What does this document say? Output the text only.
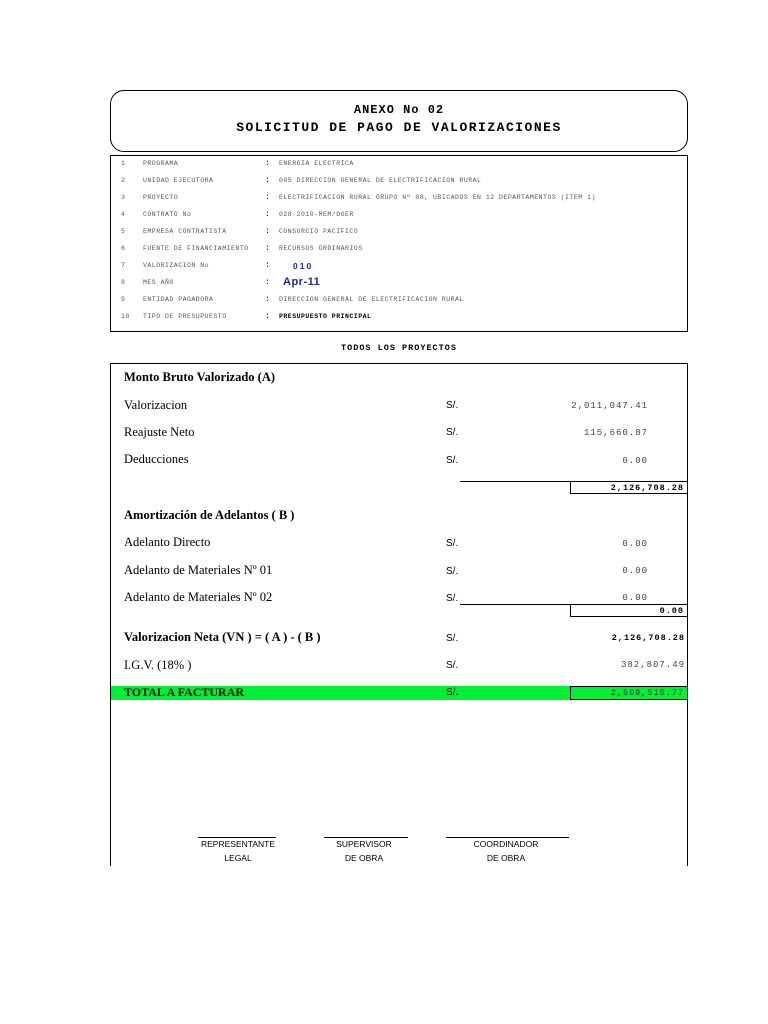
ANEXO No 02
SOLICITUD DE PAGO DE VALORIZACIONES
1	PROGRAMA	: ENERGIA ELECTRICA
2	UNIDAD EJECUTORA	: 005 DIRECCION GENERAL DE ELECTRIFICACION RURAL
3	PROYECTO	: ELECTRIFICACION RURAL GRUPO Nº 08, UBICADOS EN 12 DEPARTAMENTOS (ITEM 1)
4	CONTRATO No	: 028-2010-MEM/DGER
5	EMPRESA CONTRATISTA	: CONSORCIO PACIFICO
6	FUENTE DE FINANCIAMIENTO : RECURSOS ORDINARIOS
7	VALORIZACION No	:	010
8	MES AÑO	: Apr-11
9	ENTIDAD PAGADORA	: DIRECCION GENERAL DE ELECTRIFICACION RURAL
10 TIPO DE PRESUPUESTO	: PRESUPUESTO PRINCIPAL
TODOS LOS PROYECTOS
Monto Bruto Valorizado (A)
Valorizacion	S/.	2,011,047.41
Reajuste Neto	S/.	115,660.87
Deducciones	S/.	0.00
2,126,708.28
Amortización de Adelantos ( B )
Adelanto Directo	S/.	0.00
Adelanto de Materiales Nº 01	S/.	0.00
Adelanto de Materiales Nº 02	S/.	0.00
0.00
Valorizacion Neta (VN ) = ( A ) - ( B )	S/.	2,126,708.28
I.G.V. (18% )	S/.	382,807.49
TOTAL A FACTURAR	S/.	2,509,515.77
REPRESENTANTE
LEGAL
SUPERVISOR
DE OBRA
COORDINADOR
DE OBRA
